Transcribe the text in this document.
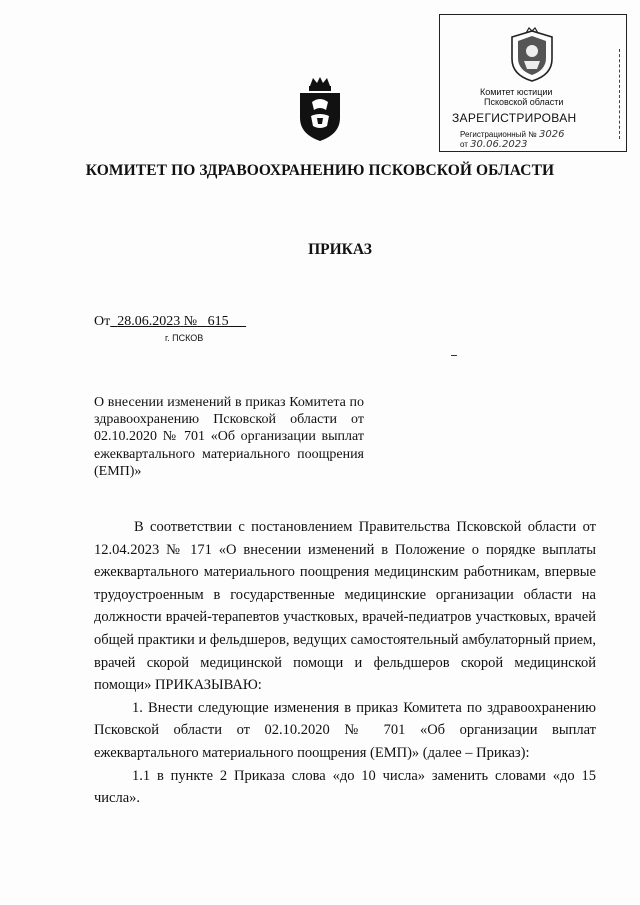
Комитет юстиции
Псковской области
ЗАРЕГИСТРИРОВАН
Регистрационный № 3026
от 30.06.2023
КОМИТЕТ ПО ЗДРАВООХРАНЕНИЮ ПСКОВСКОЙ ОБЛАСТИ
ПРИКАЗ
От 28.06.2023 № 615
г. ПСКОВ
О внесении изменений в приказ Комитета по здравоохранению Псковской области от 02.10.2020 № 701 «Об организации выплат ежеквартального материального поощрения (ЕМП)»

В соответствии с постановлением Правительства Псковской области от 12.04.2023 № 171 «О внесении изменений в Положение о порядке выплаты ежеквартального материального поощрения медицинским работникам, впервые трудоустроенным в государственные медицинские организации области на должности врачей-терапевтов участковых, врачей-педиатров участковых, врачей общей практики и фельдшеров, ведущих самостоятельный амбулаторный прием, врачей скорой медицинской помощи и фельдшеров скорой медицинской помощи» ПРИКАЗЫВАЮ:

1. Внести следующие изменения в приказ Комитета по здравоохранению Псковской области от 02.10.2020 № 701 «Об организации выплат ежеквартального материального поощрения (ЕМП)» (далее – Приказ):

1.1 в пункте 2 Приказа слова «до 10 числа» заменить словами «до 15 числа».
